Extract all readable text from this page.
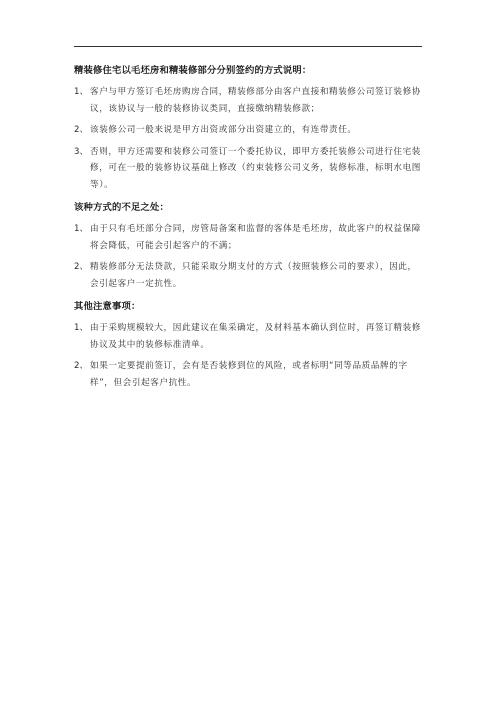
精装修住宅以毛坯房和精装修部分分别签约的方式说明：
1、 客户与甲方签订毛坯房购房合同，精装修部分由客户直接和精装修公司签订装修协议，该协议与一般的装修协议类同，直接缴纳精装修款；
2、 该装修公司一般来说是甲方出资或部分出资建立的，有连带责任。
3、 否则，甲方还需要和装修公司签订一个委托协议，即甲方委托装修公司进行住宅装修，可在一般的装修协议基础上修改（约束装修公司义务，装修标准，标明水电图等）。
该种方式的不足之处：
1、 由于只有毛坯部分合同，房管局备案和监督的客体是毛坯房，故此客户的权益保障将会降低，可能会引起客户的不满；
2、 精装修部分无法贷款，只能采取分期支付的方式（按照装修公司的要求），因此，会引起客户一定抗性。
其他注意事项：
1、 由于采购规模较大，因此建议在集采确定，及材料基本确认到位时，再签订精装修协议及其中的装修标准清单。
2、 如果一定要提前签订，会有是否装修到位的风险，或者标明“同等品质品牌的字样”，但会引起客户抗性。
